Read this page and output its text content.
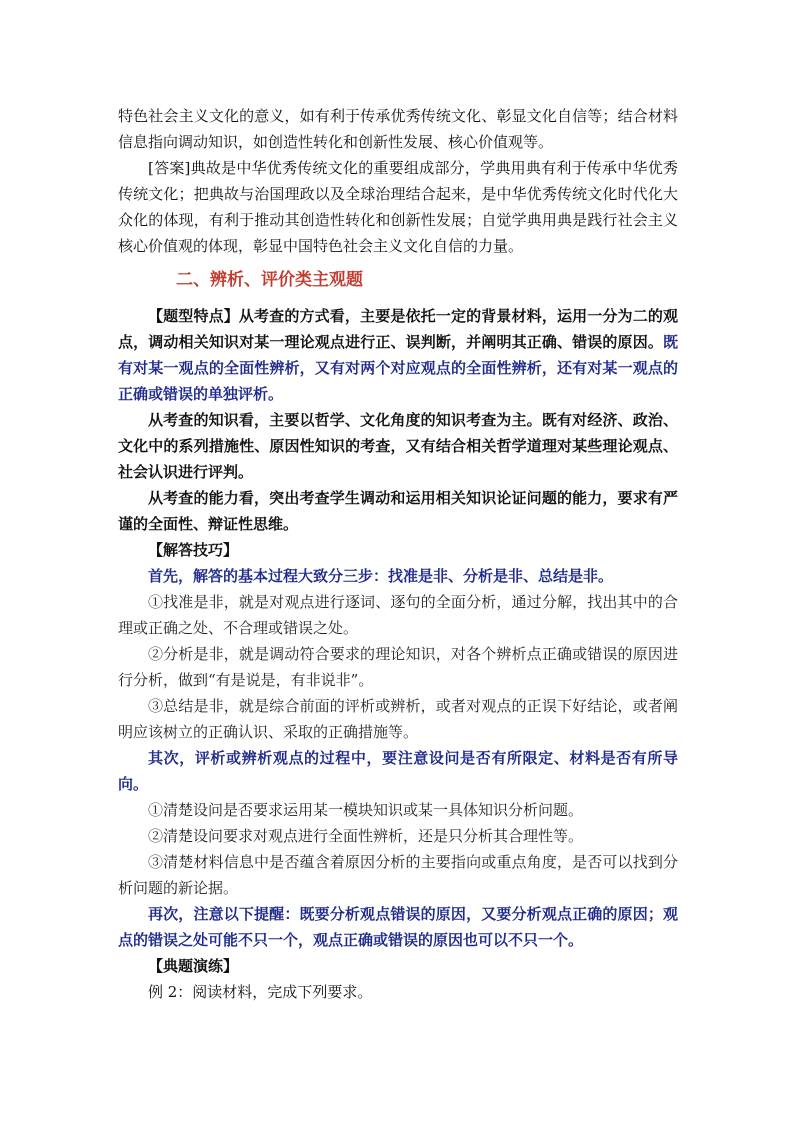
特色社会主义文化的意义，如有利于传承优秀传统文化、彰显文化自信等；结合材料信息指向调动知识，如创造性转化和创新性发展、核心价值观等。

[答案]典故是中华优秀传统文化的重要组成部分，学典用典有利于传承中华优秀传统文化；把典故与治国理政以及全球治理结合起来，是中华优秀传统文化时代化大众化的体现，有利于推动其创造性转化和创新性发展；自觉学典用典是践行社会主义核心价值观的体现，彰显中国特色社会主义文化自信的力量。

二、辨析、评价类主观题

【题型特点】从考查的方式看，主要是依托一定的背景材料，运用一分为二的观点，调动相关知识对某一理论观点进行正、误判断，并阐明其正确、错误的原因。既有对某一观点的全面性辨析，又有对两个对应观点的全面性辨析，还有对某一观点的正确或错误的单独评析。

从考查的知识看，主要以哲学、文化角度的知识考查为主。既有对经济、政治、文化中的系列措施性、原因性知识的考查，又有结合相关哲学道理对某些理论观点、社会认识进行评判。

从考查的能力看，突出考查学生调动和运用相关知识论证问题的能力，要求有严谨的全面性、辩证性思维。

【解答技巧】

首先，解答的基本过程大致分三步：找准是非、分析是非、总结是非。

①找准是非，就是对观点进行逐词、逐句的全面分析，通过分解，找出其中的合理或正确之处、不合理或错误之处。

②分析是非，就是调动符合要求的理论知识，对各个辨析点正确或错误的原因进行分析，做到“有是说是，有非说非”。

③总结是非，就是综合前面的评析或辨析，或者对观点的正误下好结论，或者阐明应该树立的正确认识、采取的正确措施等。

其次，评析或辨析观点的过程中，要注意设问是否有所限定、材料是否有所导向。

①清楚设问是否要求运用某一模块知识或某一具体知识分析问题。

②清楚设问要求对观点进行全面性辨析，还是只分析其合理性等。

③清楚材料信息中是否蕴含着原因分析的主要指向或重点角度，是否可以找到分析问题的新论据。

再次，注意以下提醒：既要分析观点错误的原因，又要分析观点正确的原因；观点的错误之处可能不只一个，观点正确或错误的原因也可以不只一个。

【典题演练】

例 2：阅读材料，完成下列要求。
